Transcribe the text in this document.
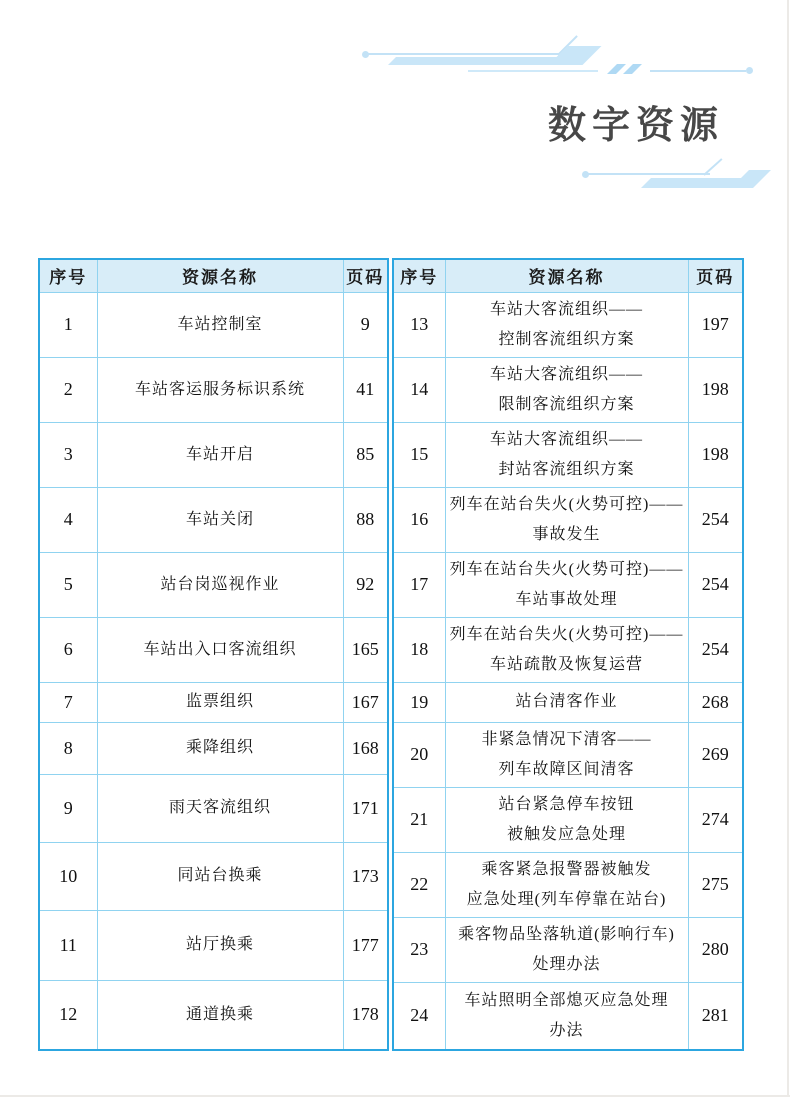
数字资源
序号	资源名称	页码
1	车站控制室	9
2	车站客运服务标识系统	41
3	车站开启	85
4	车站关闭	88
5	站台岗巡视作业	92
6	车站出入口客流组织	165
7	监票组织	167
8	乘降组织	168
9	雨天客流组织	171
10	同站台换乘	173
11	站厅换乘	177
12	通道换乘	178
序号	资源名称	页码
13	车站大客流组织——
控制客流组织方案	197
14	车站大客流组织——
限制客流组织方案	198
15	车站大客流组织——
封站客流组织方案	198
16	列车在站台失火(火势可控)——
事故发生	254
17	列车在站台失火(火势可控)——
车站事故处理	254
18	列车在站台失火(火势可控)——
车站疏散及恢复运营	254
19	站台清客作业	268
20	非紧急情况下清客——
列车故障区间清客	269
21	站台紧急停车按钮
被触发应急处理	274
22	乘客紧急报警器被触发
应急处理(列车停靠在站台)	275
23	乘客物品坠落轨道(影响行车)
处理办法	280
24	车站照明全部熄灭应急处理
办法	281
